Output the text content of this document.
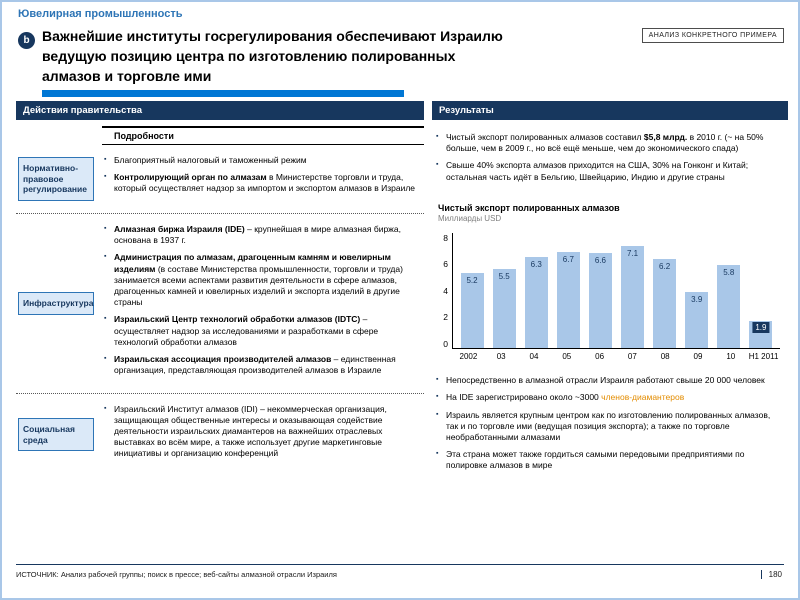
Ювелирная промышленность
b Важнейшие институты госрегулирования обеспечивают Израилю ведущую позицию центра по изготовлению полированных алмазов и торговле ими
АНАЛИЗ КОНКРЕТНОГО ПРИМЕРА
Действия правительства
Подробности
Нормативно-правовое регулирование
▪ Благоприятный налоговый и таможенный режим
▪ Контролирующий орган по алмазам в Министерстве торговли и труда, который осуществляет надзор за импортом и экспортом алмазов в Израиле
Инфраструктура
▪ Алмазная биржа Израиля (IDE) – крупнейшая в мире алмазная биржа, основана в 1937 г.
▪ Администрация по алмазам, драгоценным камням и ювелирным изделиям (в составе Министерства промышленности, торговли и труда) занимается всеми аспектами развития деятельности в сфере алмазов, драгоценных камней и ювелирных изделий и экспорта изделий в другие страны
▪ Израильский Центр технологий обработки алмазов (IDTC) – осуществляет надзор за исследованиями и разработками в сфере технологий обработки алмазов
▪ Израильская ассоциация производителей алмазов – единственная организация, представляющая производителей алмазов в Израиле
Социальная среда
▪ Израильский Институт алмазов (IDI) – некоммерческая организация, защищающая общественные интересы и оказывающая содействие деятельности израильских диамантеров на важнейших отраслевых выставках во всём мире, а также использует другие маркетинговые инициативы и организацию конференций
Результаты
▪ Чистый экспорт полированных алмазов составил $5,8 млрд. в 2010 г. (~ на 50% больше, чем в 2009 г., но всё ещё меньше, чем до экономического спада)
▪ Свыше 40% экспорта алмазов приходится на США, 30% на Гонконг и Китай; остальная часть идёт в Бельгию, Швейцарию, Индию и другие страны
Чистый экспорт полированных алмазов
Миллиарды USD
8
6
4
2
0
5.2	5.5
6.3
6.7	6.6
7.1
6.2
3.9
5.8
1.9
2002	03	04	05	06	07	08	09	10	H1 2011
▪ Непосредственно в алмазной отрасли Израиля работают свыше 20 000 человек
▪ На IDE зарегистрировано около ~3000 членов-диамантеров
▪ Израиль является крупным центром как по изготовлению полированных алмазов, так и по торговле ими (ведущая позиция экспорта); а также по торговле необработанными алмазами
▪ Эта страна может также гордиться самыми передовыми предприятиями по полировке алмазов в мире
ИСТОЧНИК: Анализ рабочей группы; поиск в прессе; веб-сайты алмазной отрасли Израиля	180
